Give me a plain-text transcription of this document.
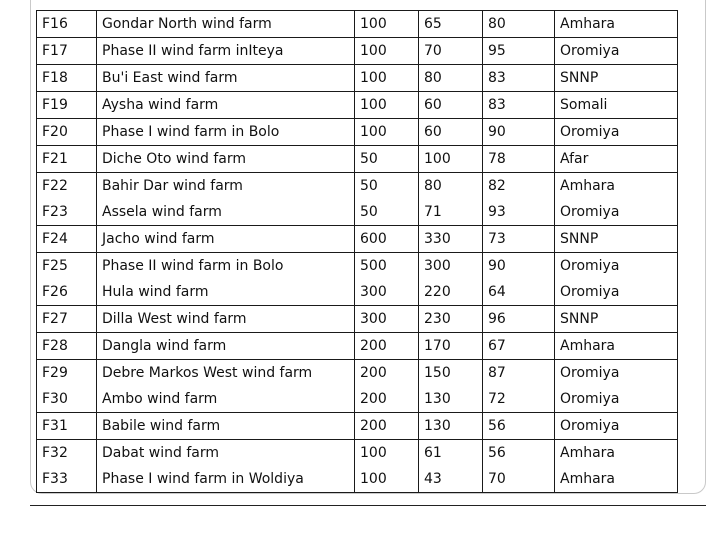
F16	Gondar North wind farm	100	65	80	Amhara
F17	Phase II wind farm inIteya	100	70	95	Oromiya
F18	Bu'i East wind farm	100	80	83	SNNP
F19	Aysha wind farm	100	60	83	Somali
F20	Phase I wind farm in Bolo	100	60	90	Oromiya
F21	Diche Oto wind farm	50	100	78	Afar
F22	Bahir Dar wind farm	50	80	82	Amhara
F23	Assela wind farm	50	71	93	Oromiya
F24	Jacho wind farm	600	330	73	SNNP
F25	Phase II wind farm in Bolo	500	300	90	Oromiya
F26	Hula wind farm	300	220	64	Oromiya
F27	Dilla West wind farm	300	230	96	SNNP
F28	Dangla wind farm	200	170	67	Amhara
F29	Debre Markos West wind farm	200	150	87	Oromiya
F30	Ambo wind farm	200	130	72	Oromiya
F31	Babile wind farm	200	130	56	Oromiya
F32	Dabat wind farm	100	61	56	Amhara
F33	Phase I wind farm in Woldiya	100	43	70	Amhara
